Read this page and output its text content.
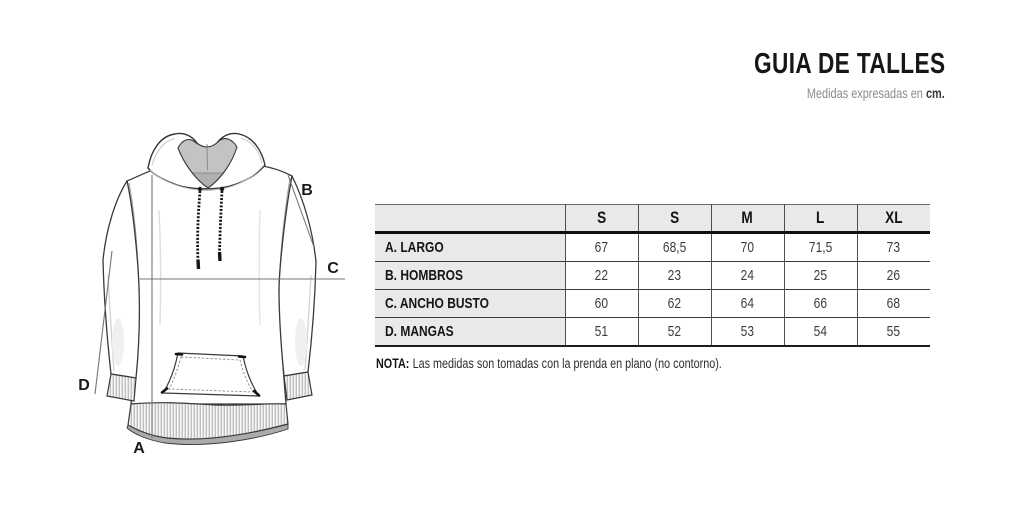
GUIA DE TALLES
Medidas expresadas en cm.
A
B
C
D
	S	S	M	L	XL
A. LARGO	67	68,5	70	71,5	73
B. HOMBROS	22	23	24	25	26
C. ANCHO BUSTO	60	62	64	66	68
D. MANGAS	51	52	53	54	55
NOTA: Las medidas son tomadas con la prenda en plano (no contorno).
